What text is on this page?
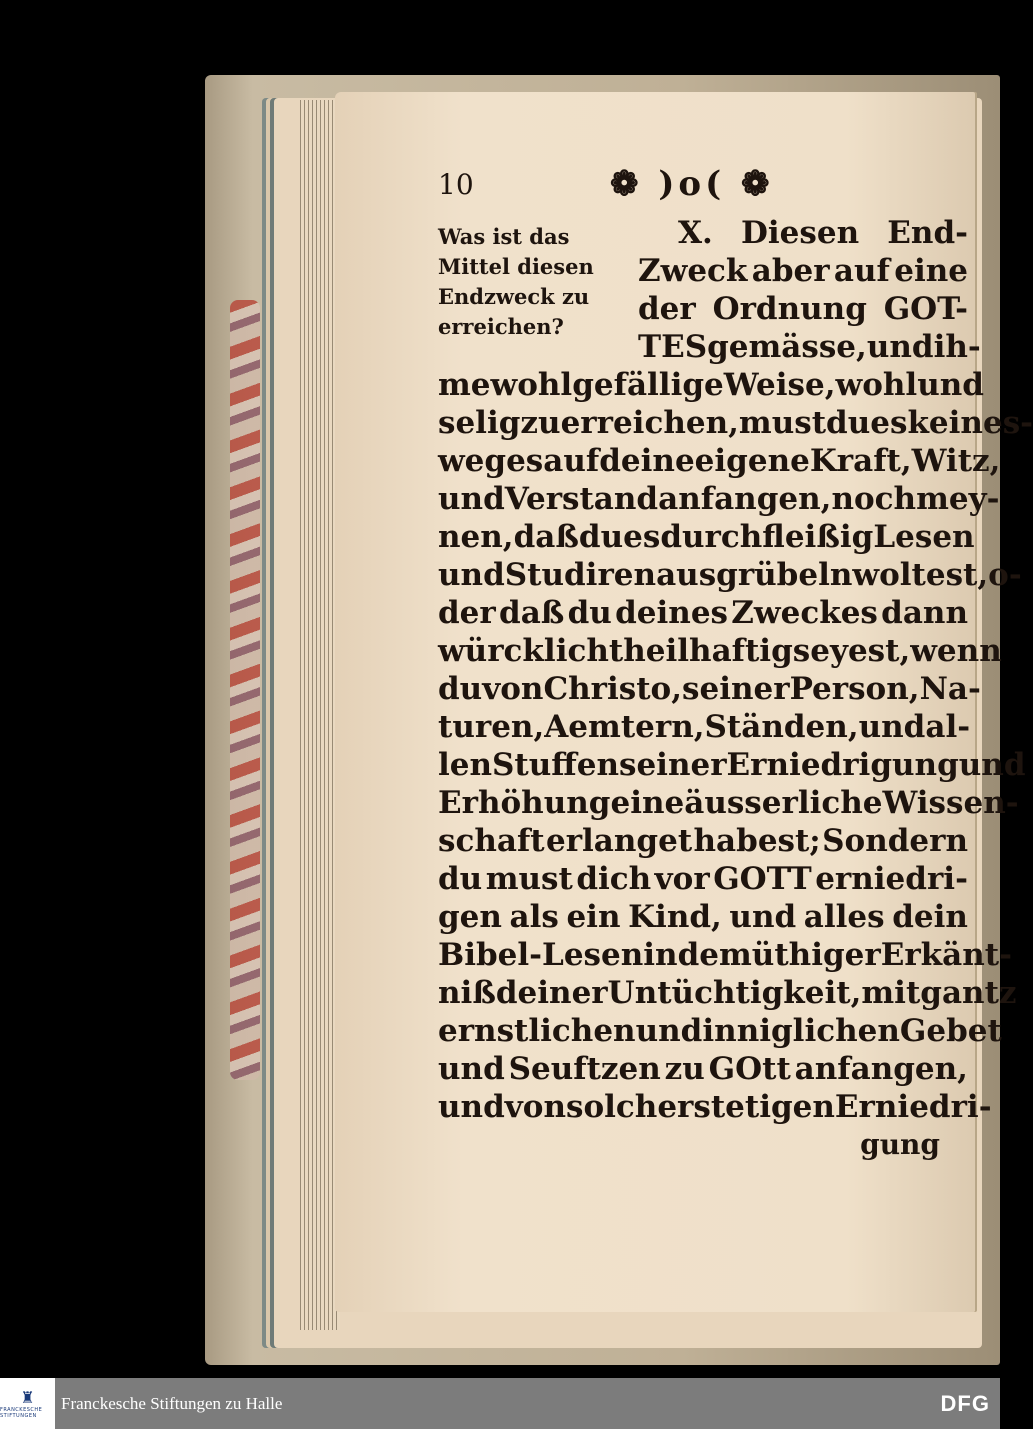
10	❁ )o( ❁
Was ist das
Mittel diesen
Endzweck zu
erreichen?
X. Diesen End-
Zweck aber auf eine
der Ordnung GOT-
TES gemässe, und ih-
me wohlgefällige Weise, wohl und
selig zu erreichen, must du es keines-
weges auf deine eigene Kraft, Witz,
und Verstand anfangen, noch mey-
nen, daß du es durch fleißig Lesen
und Studiren ausgrübeln woltest, o-
der daß du deines Zweckes dann
würcklich theilhaftig seyest, wenn
du von Christo, seiner Person, Na-
turen, Aemtern, Ständen, und al-
len Stuffen seiner Erniedrigung und
Erhöhung eine äusserliche Wissen-
schaft erlanget habest; Sondern
du must dich vor GOTT erniedri-
gen als ein Kind, und alles dein
Bibel-Lesen in demüthiger Erkänt-
niß deiner Untüchtigkeit, mit gantz
ernstlichen und inniglichen Gebet
und Seuftzen zu GOtt anfangen,
und von solcher stetigen Erniedri-
gung
♜
FRANCKESCHE STIFTUNGEN
Franckesche Stiftungen zu Halle	DFG
